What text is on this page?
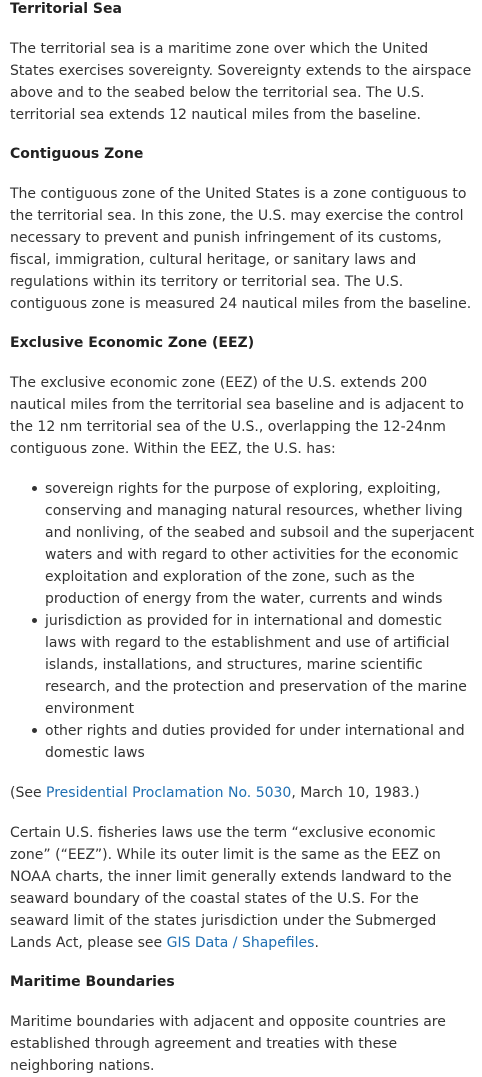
Territorial Sea

The territorial sea is a maritime zone over which the United States exercises sovereignty. Sovereignty extends to the airspace above and to the seabed below the territorial sea. The U.S. territorial sea extends 12 nautical miles from the baseline.

Contiguous Zone

The contiguous zone of the United States is a zone contiguous to the territorial sea. In this zone, the U.S. may exercise the control necessary to prevent and punish infringement of its customs, fiscal, immigration, cultural heritage, or sanitary laws and regulations within its territory or territorial sea. The U.S. contiguous zone is measured 24 nautical miles from the baseline.

Exclusive Economic Zone (EEZ)

The exclusive economic zone (EEZ) of the U.S. extends 200 nautical miles from the territorial sea baseline and is adjacent to the 12 nm territorial sea of the U.S., overlapping the 12-24nm contiguous zone. Within the EEZ, the U.S. has:

sovereign rights for the purpose of exploring, exploiting, conserving and managing natural resources, whether living and nonliving, of the seabed and subsoil and the superjacent waters and with regard to other activities for the economic exploitation and exploration of the zone, such as the production of energy from the water, currents and winds
jurisdiction as provided for in international and domestic laws with regard to the establishment and use of artificial islands, installations, and structures, marine scientific research, and the protection and preservation of the marine environment
other rights and duties provided for under international and domestic laws

(See Presidential Proclamation No. 5030, March 10, 1983.)

Certain U.S. fisheries laws use the term “exclusive economic zone” (“EEZ”). While its outer limit is the same as the EEZ on NOAA charts, the inner limit generally extends landward to the seaward boundary of the coastal states of the U.S. For the seaward limit of the states jurisdiction under the Submerged Lands Act, please see GIS Data / Shapefiles.

Maritime Boundaries

Maritime boundaries with adjacent and opposite countries are established through agreement and treaties with these neighboring nations.
